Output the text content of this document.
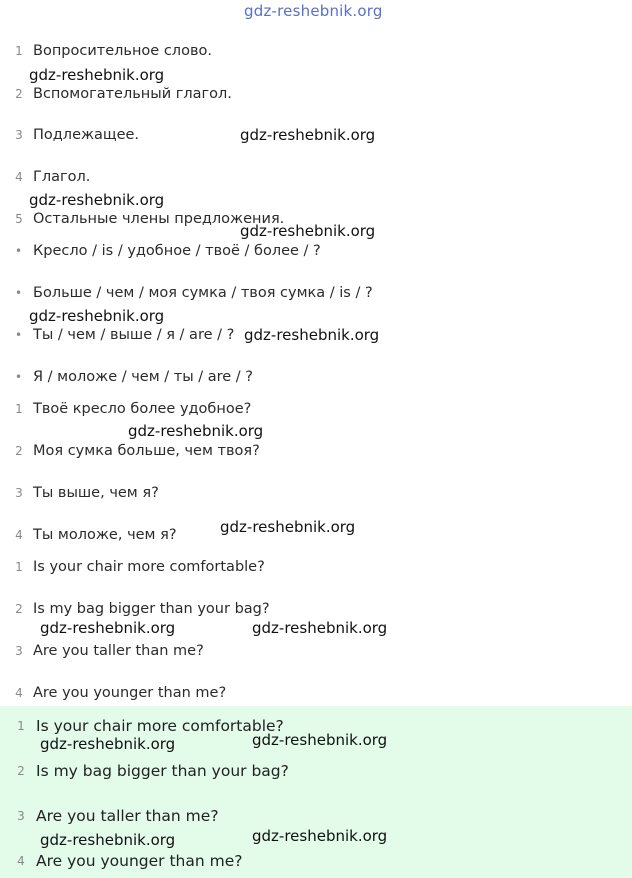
gdz-reshebnik.org
1 Вопросительное слово.
2 Вспомогательный глагол.
3 Подлежащее.
4 Глагол.
5 Остальные члены предложения.
• Кресло / is / удобное / твоё / более / ?
• Больше / чем / моя сумка / твоя сумка / is / ?
• Ты / чем / выше / я / are / ?
• Я / моложе / чем / ты / are / ?
1 Твоё кресло более удобное?
2 Моя сумка больше, чем твоя?
3 Ты выше, чем я?
4 Ты моложе, чем я?
1 Is your chair more comfortable?
2 Is my bag bigger than your bag?
3 Are you taller than me?
4 Are you younger than me?
1 Is your chair more comfortable?
2 Is my bag bigger than your bag?
3 Are you taller than me?
4 Are you younger than me?
gdz-reshebnik.org
gdz-reshebnik.org
gdz-reshebnik.org
gdz-reshebnik.org
gdz-reshebnik.org
gdz-reshebnik.org
gdz-reshebnik.org
gdz-reshebnik.org
gdz-reshebnik.org	gdz-reshebnik.org
gdz-reshebnik.org	gdz-reshebnik.org
gdz-reshebnik.org	gdz-reshebnik.org
